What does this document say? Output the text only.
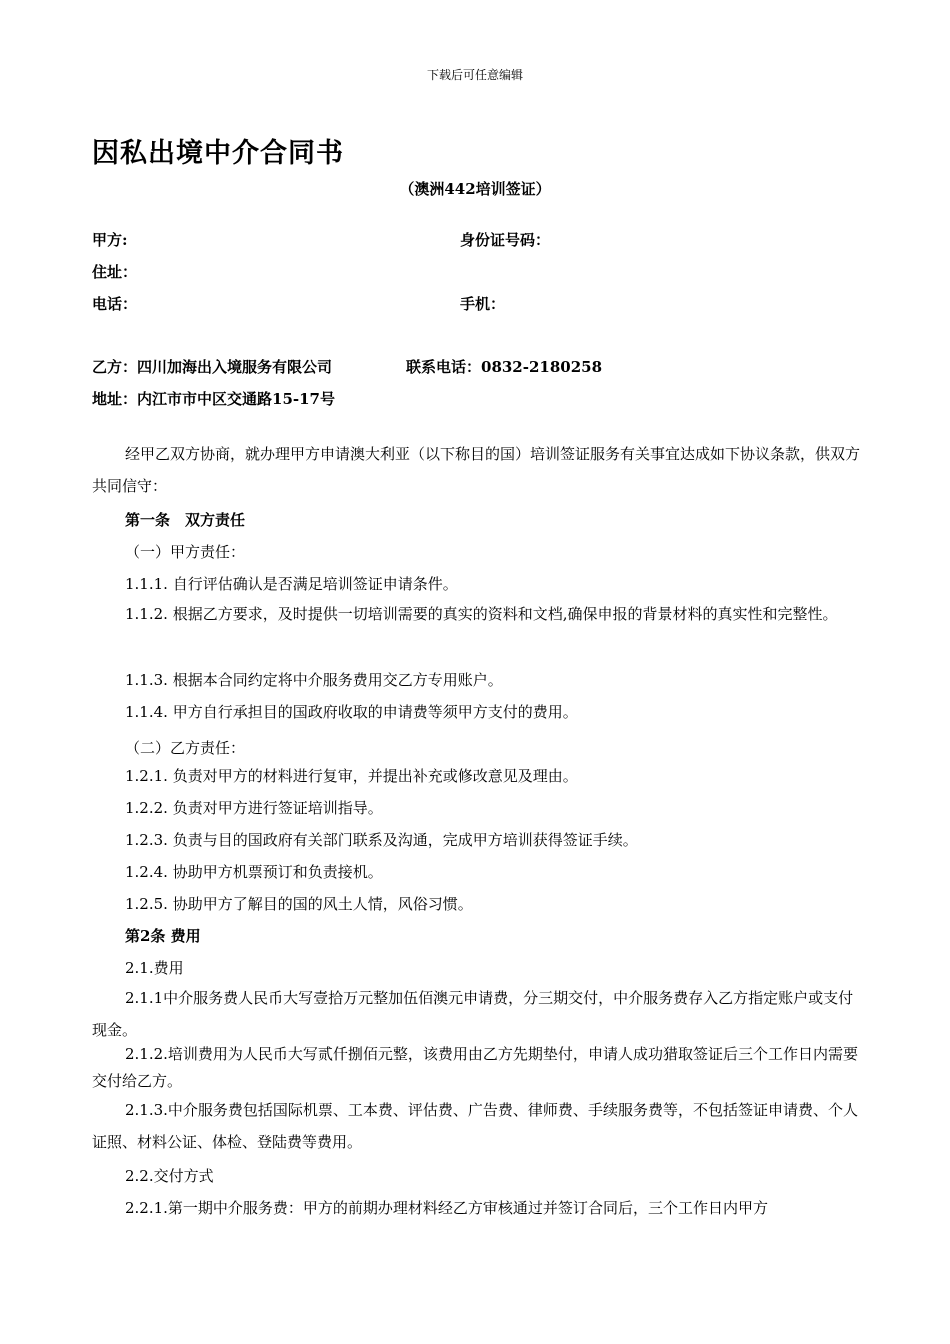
下载后可任意编辑
因私出境中介合同书
（澳洲442培训签证）
甲方:	身份证号码：
住址：
电话：	手机：
乙方：四川加海出入境服务有限公司	联系电话：0832-2180258
地址：内江市市中区交通路15-17号
经甲乙双方协商，就办理甲方申请澳大利亚（以下称目的国）培训签证服务有关事宜达成如下协议条款，供双方共同信守：
第一条　双方责任
（一）甲方责任：
1.1.1. 自行评估确认是否满足培训签证申请条件。
1.1.2. 根据乙方要求，及时提供一切培训需要的真实的资料和文档,确保申报的背景材料的真实性和完整性。
1.1.3. 根据本合同约定将中介服务费用交乙方专用账户。
1.1.4. 甲方自行承担目的国政府收取的申请费等须甲方支付的费用。
（二）乙方责任：
1.2.1. 负责对甲方的材料进行复审，并提出补充或修改意见及理由。
1.2.2. 负责对甲方进行签证培训指导。
1.2.3. 负责与目的国政府有关部门联系及沟通，完成甲方培训获得签证手续。
1.2.4. 协助甲方机票预订和负责接机。
1.2.5. 协助甲方了解目的国的风土人情，风俗习惯。
第2条 费用
2.1.费用
2.1.1中介服务费人民币大写壹拾万元整加伍佰澳元申请费，分三期交付，中介服务费存入乙方指定账户或支付现金。
2.1.2.培训费用为人民币大写贰仟捌佰元整，该费用由乙方先期垫付，申请人成功猎取签证后三个工作日内需要交付给乙方。
2.1.3.中介服务费包括国际机票、工本费、评估费、广告费、律师费、手续服务费等，不包括签证申请费、个人证照、材料公证、体检、登陆费等费用。
2.2.交付方式
2.2.1.第一期中介服务费：甲方的前期办理材料经乙方审核通过并签订合同后，三个工作日内甲方
